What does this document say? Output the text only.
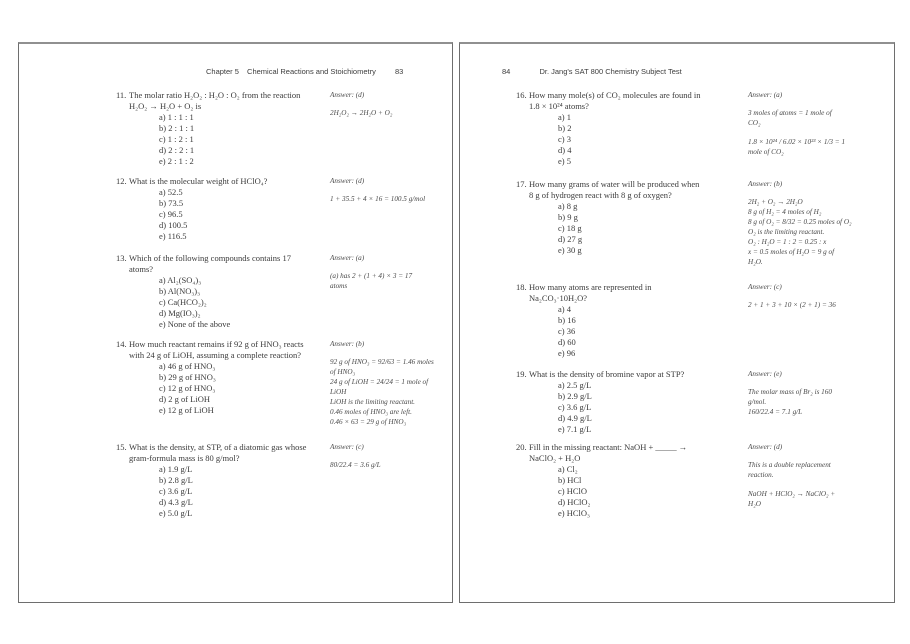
Chapter 5 Chemical Reactions and Stoichiometry	83
11. The molar ratio H₂O₂ : H₂O : O₂ from the reaction
H₂O₂ → H₂O + O₂ is
a) 1 : 1 : 1
b) 2 : 1 : 1
c) 1 : 2 : 1
d) 2 : 2 : 1
e) 2 : 1 : 2
Answer: (d)
2H₂O₂ → 2H₂O + O₂
12. What is the molecular weight of HClO₄?
a) 52.5
b) 73.5
c) 96.5
d) 100.5
e) 116.5
Answer: (d)
1 + 35.5 + 4 × 16 = 100.5 g/mol
13. Which of the following compounds contains 17
atoms?
a) Al₂(SO₄)₃
b) Al(NO₃)₃
c) Ca(HCO₂)₂
d) Mg(IO₃)₂
e) None of the above
Answer: (a)
(a) has 2 + (1 + 4) × 3 = 17
atoms
14. How much reactant remains if 92 g of HNO₃ reacts
with 24 g of LiOH, assuming a complete reaction?
a) 46 g of HNO₃
b) 29 g of HNO₃
c) 12 g of HNO₃
d) 2 g of LiOH
e) 12 g of LiOH
Answer: (b)
92 g of HNO₃ = 92/63 = 1.46 moles
of HNO₃
24 g of LiOH = 24/24 = 1 mole of
LiOH
LiOH is the limiting reactant.
0.46 moles of HNO₃ are left.
0.46 × 63 = 29 g of HNO₃
15. What is the density, at STP, of a diatomic gas whose
gram-formula mass is 80 g/mol?
a) 1.9 g/L
b) 2.8 g/L
c) 3.6 g/L
d) 4.3 g/L
e) 5.0 g/L
Answer: (c)
80/22.4 = 3.6 g/L
84	Dr. Jang's SAT 800 Chemistry Subject Test
16. How many mole(s) of CO₂ molecules are found in
1.8 × 10²⁴ atoms?
a) 1
b) 2
c) 3
d) 4
e) 5
Answer: (a)
3 moles of atoms = 1 mole of
CO₂
1.8 × 10²⁴ / 6.02 × 10²³ × 1/3 = 1
mole of CO₂
17. How many grams of water will be produced when
8 g of hydrogen react with 8 g of oxygen?
a) 8 g
b) 9 g
c) 18 g
d) 27 g
e) 30 g
Answer: (b)
2H₂ + O₂ → 2H₂O
8 g of H₂ = 4 moles of H₂
8 g of O₂ = 8/32 = 0.25 moles of O₂
O₂ is the limiting reactant.
O₂ : H₂O = 1 : 2 = 0.25 : x
x = 0.5 moles of H₂O = 9 g of
H₂O.
18. How many atoms are represented in
Na₂CO₃·10H₂O?
a) 4
b) 16
c) 36
d) 60
e) 96
Answer: (c)
2 + 1 + 3 + 10 × (2 + 1) = 36
19. What is the density of bromine vapor at STP?
a) 2.5 g/L
b) 2.9 g/L
c) 3.6 g/L
d) 4.9 g/L
e) 7.1 g/L
Answer: (e)
The molar mass of Br₂ is 160
g/mol.
160/22.4 = 7.1 g/L
20. Fill in the missing reactant: NaOH + _____ →
NaClO₂ + H₂O
a) Cl₂
b) HCl
c) HClO
d) HClO₂
e) HClO₃
Answer: (d)
This is a double replacement
reaction.
NaOH + HClO₂ → NaClO₂ +
H₂O
